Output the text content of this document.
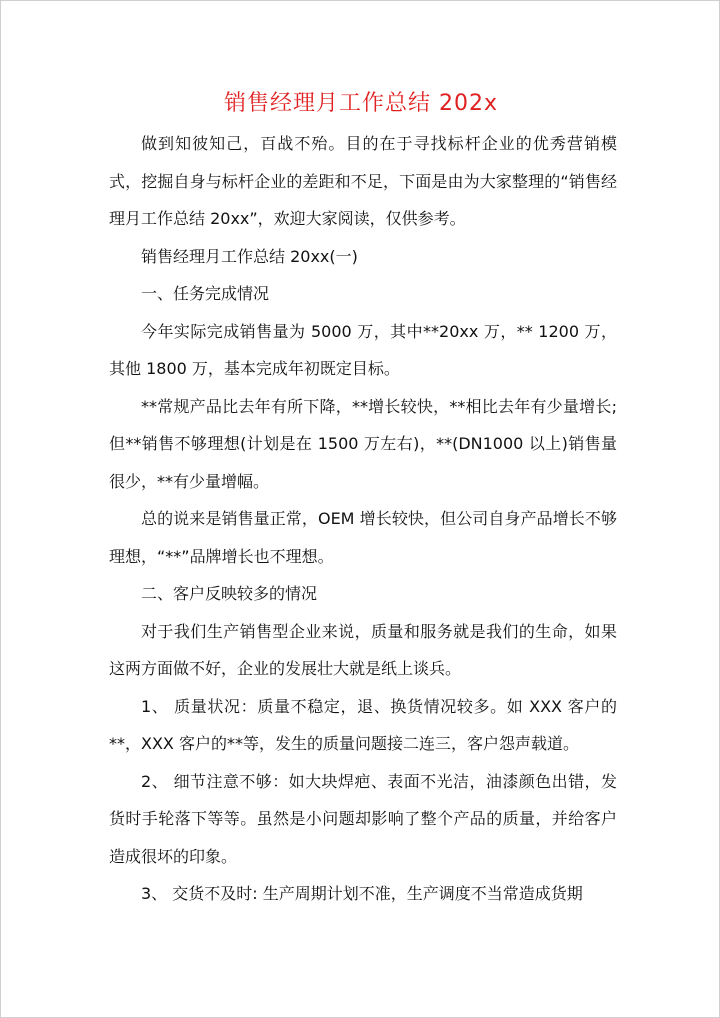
销售经理月工作总结 202x

做到知彼知己，百战不殆。目的在于寻找标杆企业的优秀营销模式，挖掘自身与标杆企业的差距和不足，下面是由为大家整理的“销售经理月工作总结 20xx”，欢迎大家阅读，仅供参考。

销售经理月工作总结 20xx(一)

一、任务完成情况

今年实际完成销售量为 5000 万，其中**20xx 万，** 1200 万，其他 1800 万，基本完成年初既定目标。

**常规产品比去年有所下降，**增长较快，**相比去年有少量增长;但**销售不够理想(计划是在 1500 万左右)，**(DN1000 以上)销售量很少，**有少量增幅。

总的说来是销售量正常，OEM 增长较快，但公司自身产品增长不够理想，“**”品牌增长也不理想。

二、客户反映较多的情况

对于我们生产销售型企业来说，质量和服务就是我们的生命，如果这两方面做不好，企业的发展壮大就是纸上谈兵。

1、 质量状况：质量不稳定，退、换货情况较多。如 XXX 客户的**，XXX 客户的**等，发生的质量问题接二连三，客户怨声载道。

2、 细节注意不够：如大块焊疤、表面不光洁，油漆颜色出错，发货时手轮落下等等。虽然是小问题却影响了整个产品的质量，并给客户造成很坏的印象。

3、 交货不及时: 生产周期计划不准，生产调度不当常造成货期
